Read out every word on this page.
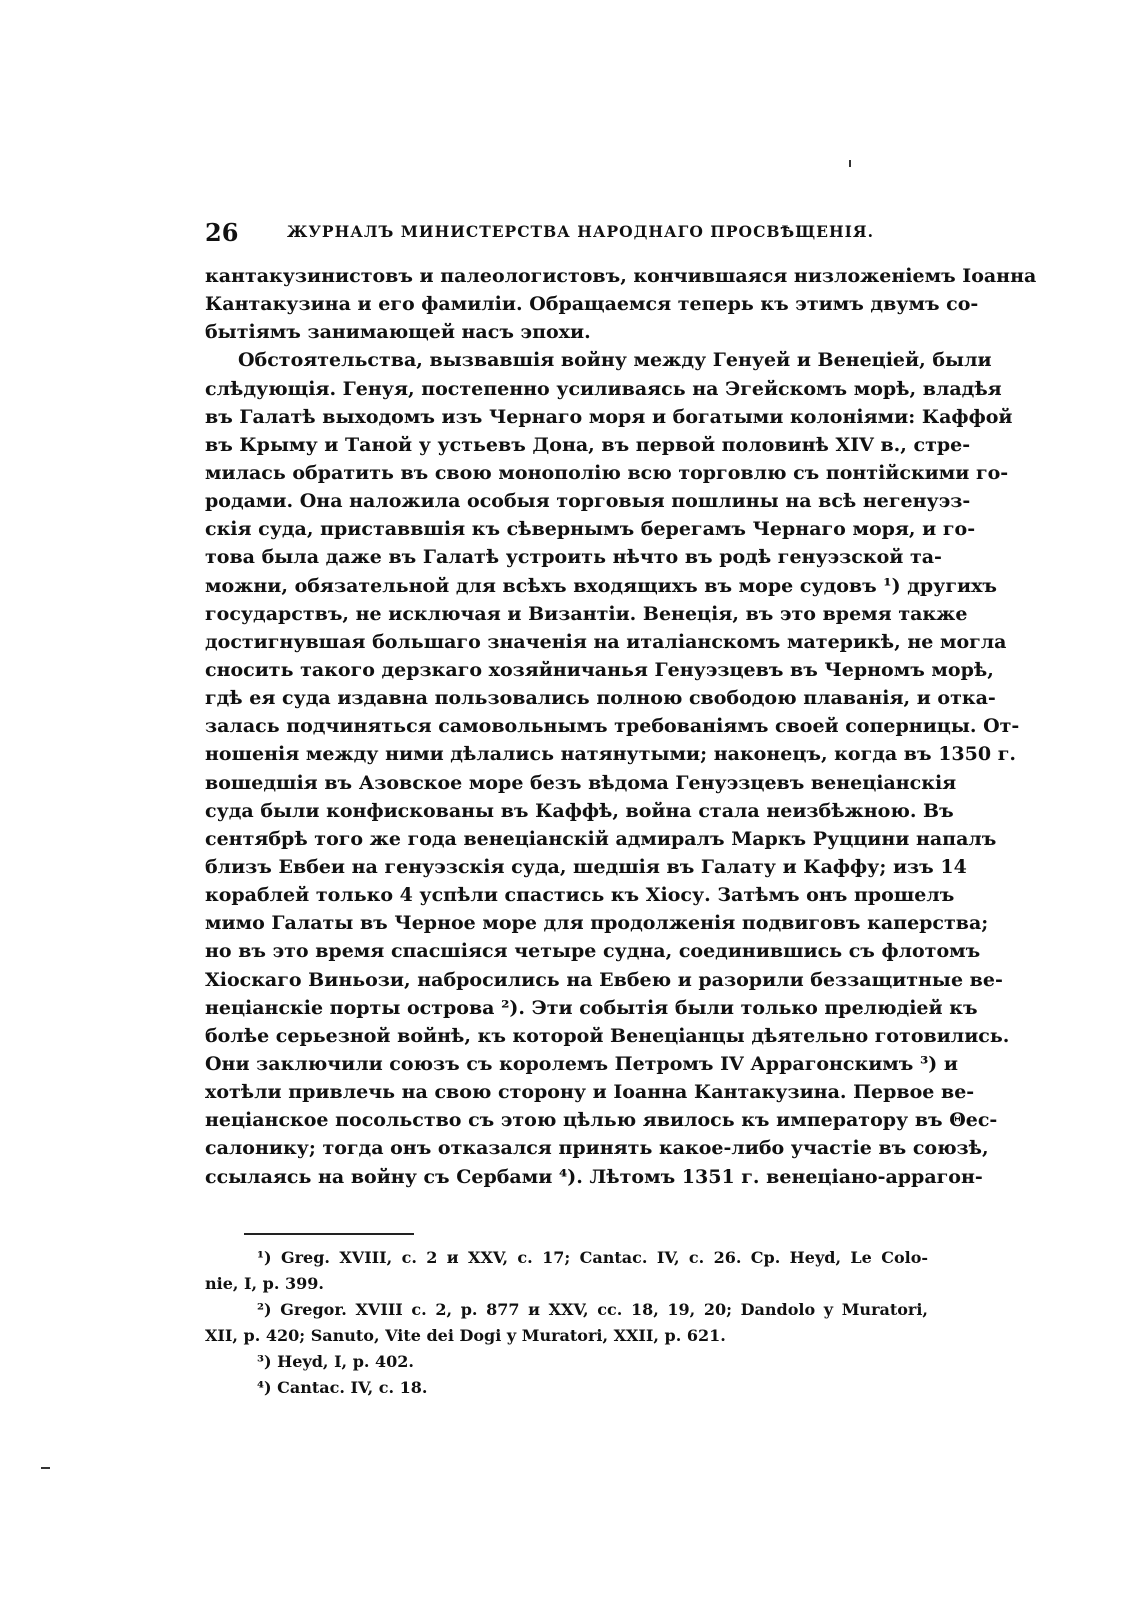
26	ЖУРНАЛЪ МИНИСТЕРСТВА НАРОДНАГО ПРОСВѢЩЕНІЯ.
кантакузинистовъ и палеологистовъ, кончившаяся низложеніемъ Іоанна
Кантакузина и его фамиліи. Обращаемся теперь къ этимъ двумъ со-
бытіямъ занимающей насъ эпохи.
Обстоятельства, вызвавшія войну между Генуей и Венеціей, были
слѣдующія. Генуя, постепенно усиливаясь на Эгейскомъ морѣ, владѣя
въ Галатѣ выходомъ изъ Чернаго моря и богатыми колоніями: Каффой
въ Крыму и Таной у устьевъ Дона, въ первой половинѣ XIV в., стре-
милась обратить въ свою монополію всю торговлю съ понтійскими го-
родами. Она наложила особыя торговыя пошлины на всѣ негенуэз-
скія суда, приставвшія къ сѣвернымъ берегамъ Чернаго моря, и го-
това была даже въ Галатѣ устроить нѣчто въ родѣ генуэзской та-
можни, обязательной для всѣхъ входящихъ въ море судовъ ¹) другихъ
государствъ, не исключая и Византіи. Венеція, въ это время также
достигнувшая большаго значенія на италіанскомъ материкѣ, не могла
сносить такого дерзкаго хозяйничанья Генуэзцевъ въ Черномъ морѣ,
гдѣ ея суда издавна пользовались полною свободою плаванія, и отка-
залась подчиняться самовольнымъ требованіямъ своей соперницы. От-
ношенія между ними дѣлались натянутыми; наконецъ, когда въ 1350 г.
вошедшія въ Азовское море безъ вѣдома Генуэзцевъ венеціанскія
суда были конфискованы въ Каффѣ, война стала неизбѣжною. Въ
сентябрѣ того же года венеціанскій адмиралъ Маркъ Руццини напалъ
близъ Евбеи на генуэзскія суда, шедшія въ Галату и Каффу; изъ 14
кораблей только 4 успѣли спастись къ Хіосу. Затѣмъ онъ прошелъ
мимо Галаты въ Черное море для продолженія подвиговъ каперства;
но въ это время спасшіяся четыре судна, соединившись съ флотомъ
Хіоскаго Виньози, набросились на Евбею и разорили беззащитные ве-
неціанскіе порты острова ²). Эти событія были только прелюдіей къ
болѣе серьезной войнѣ, къ которой Венеціанцы дѣятельно готовились.
Они заключили союзъ съ королемъ Петромъ IV Аррагонскимъ ³) и
хотѣли привлечь на свою сторону и Іоанна Кантакузина. Первое ве-
неціанское посольство съ этою цѣлью явилось къ императору въ Θес-
салонику; тогда онъ отказался принять какое-либо участіе въ союзѣ,
ссылаясь на войну съ Сербами ⁴). Лѣтомъ 1351 г. венеціано-аррагон-
¹) Greg. XVIII, c. 2 и XXV, c. 17; Cantac. IV, c. 26. Cp. Heyd, Le Colo-
nie, I, p. 399.
²) Gregor. XVIII c. 2, p. 877 и XXV, cc. 18, 19, 20; Dandolo y Muratori,
XII, p. 420; Sanuto, Vite dei Dogi y Muratori, XXII, p. 621.
³) Heyd, I, p. 402.
⁴) Cantac. IV, c. 18.
